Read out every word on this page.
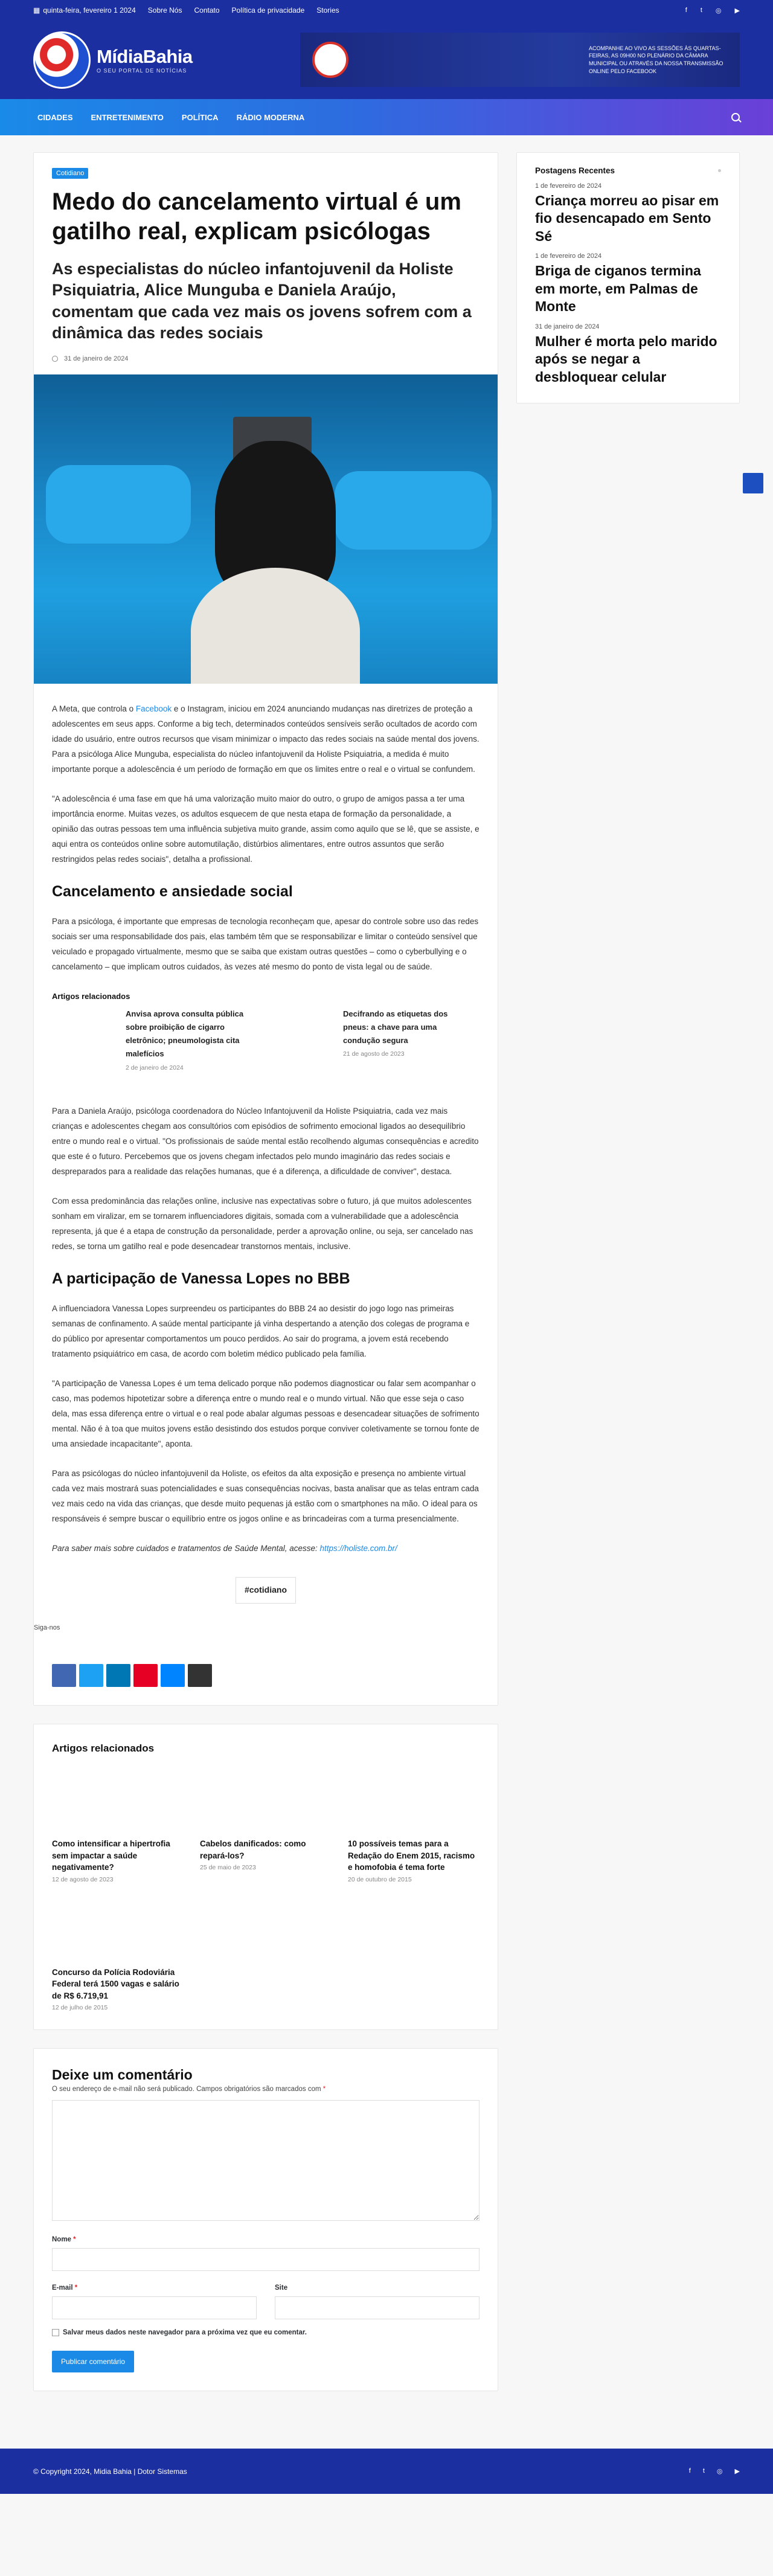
▦ quinta-feira, fevereiro 1 2024 Sobre Nós Contato Política de privacidade Stories	f t ◎ ▶
MídiaBahia
O SEU PORTAL DE NOTÍCIAS
ACOMPANHE AO VIVO AS SESSÕES ÀS QUARTAS-FEIRAS, AS 09H00 NO PLENÁRIO DA CÂMARA MUNICIPAL OU ATRAVÉS DA NOSSA TRANSMISSÃO ONLINE PELO FACEBOOK
CIDADES ENTRETENIMENTO POLÍTICA RÁDIO MODERNA
Cotidiano
Medo do cancelamento virtual é um gatilho real, explicam psicólogas
As especialistas do núcleo infantojuvenil da Holiste Psiquiatria, Alice Munguba e Daniela Araújo, comentam que cada vez mais os jovens sofrem com a dinâmica das redes sociais
31 de janeiro de 2024

A Meta, que controla o Facebook e o Instagram, iniciou em 2024 anunciando mudanças nas diretrizes de proteção a adolescentes em seus apps. Conforme a big tech, determinados conteúdos sensíveis serão ocultados de acordo com idade do usuário, entre outros recursos que visam minimizar o impacto das redes sociais na saúde mental dos jovens. Para a psicóloga Alice Munguba, especialista do núcleo infantojuvenil da Holiste Psiquiatria, a medida é muito importante porque a adolescência é um período de formação em que os limites entre o real e o virtual se confundem.

"A adolescência é uma fase em que há uma valorização muito maior do outro, o grupo de amigos passa a ter uma importância enorme. Muitas vezes, os adultos esquecem de que nesta etapa de formação da personalidade, a opinião das outras pessoas tem uma influência subjetiva muito grande, assim como aquilo que se lê, que se assiste, e aqui entra os conteúdos online sobre automutilação, distúrbios alimentares, entre outros assuntos que serão restringidos pelas redes sociais", detalha a profissional.

Cancelamento e ansiedade social

Para a psicóloga, é importante que empresas de tecnologia reconheçam que, apesar do controle sobre uso das redes sociais ser uma responsabilidade dos pais, elas também têm que se responsabilizar e limitar o conteúdo sensível que veiculado e propagado virtualmente, mesmo que se saiba que existam outras questões – como o cyberbullying e o cancelamento – que implicam outros cuidados, às vezes até mesmo do ponto de vista legal ou de saúde.

Artigos relacionados
Anvisa aprova consulta pública sobre proibição de cigarro eletrônico; pneumologista cita malefícios
2 de janeiro de 2024
Decifrando as etiquetas dos pneus: a chave para uma condução segura
21 de agosto de 2023

Para a Daniela Araújo, psicóloga coordenadora do Núcleo Infantojuvenil da Holiste Psiquiatria, cada vez mais crianças e adolescentes chegam aos consultórios com episódios de sofrimento emocional ligados ao desequilíbrio entre o mundo real e o virtual. "Os profissionais de saúde mental estão recolhendo algumas consequências e acredito que este é o futuro. Percebemos que os jovens chegam infectados pelo mundo imaginário das redes sociais e despreparados para a realidade das relações humanas, que é a diferença, a dificuldade de conviver", destaca.

Com essa predominância das relações online, inclusive nas expectativas sobre o futuro, já que muitos adolescentes sonham em viralizar, em se tornarem influenciadores digitais, somada com a vulnerabilidade que a adolescência representa, já que é a etapa de construção da personalidade, perder a aprovação online, ou seja, ser cancelado nas redes, se torna um gatilho real e pode desencadear transtornos mentais, inclusive.

A participação de Vanessa Lopes no BBB

A influenciadora Vanessa Lopes surpreendeu os participantes do BBB 24 ao desistir do jogo logo nas primeiras semanas de confinamento. A saúde mental participante já vinha despertando a atenção dos colegas de programa e do público por apresentar comportamentos um pouco perdidos. Ao sair do programa, a jovem está recebendo tratamento psiquiátrico em casa, de acordo com boletim médico publicado pela família.

"A participação de Vanessa Lopes é um tema delicado porque não podemos diagnosticar ou falar sem acompanhar o caso, mas podemos hipotetizar sobre a diferença entre o mundo real e o mundo virtual. Não que esse seja o caso dela, mas essa diferença entre o virtual e o real pode abalar algumas pessoas e desencadear situações de sofrimento mental. Não é à toa que muitos jovens estão desistindo dos estudos porque conviver coletivamente se tornou fonte de uma ansiedade incapacitante", aponta.

Para as psicólogas do núcleo infantojuvenil da Holiste, os efeitos da alta exposição e presença no ambiente virtual cada vez mais mostrará suas potencialidades e suas consequências nocivas, basta analisar que as telas entram cada vez mais cedo na vida das crianças, que desde muito pequenas já estão com o smartphones na mão. O ideal para os responsáveis é sempre buscar o equilíbrio entre os jogos online e as brincadeiras com a turma presencialmente.

Para saber mais sobre cuidados e tratamentos de Saúde Mental, acesse: https://holiste.com.br/

#cotidiano
Siga-nos
Artigos relacionados
Como intensificar a hipertrofia sem impactar a saúde negativamente?
12 de agosto de 2023
Cabelos danificados: como repará-los?
25 de maio de 2023
10 possíveis temas para a Redação do Enem 2015, racismo e homofobia é tema forte
20 de outubro de 2015
Concurso da Polícia Rodoviária Federal terá 1500 vagas e salário de R$ 6.719,91
12 de julho de 2015
Deixe um comentário
O seu endereço de e-mail não será publicado. Campos obrigatórios são marcados com *
Nome *
E-mail *	Site
Salvar meus dados neste navegador para a próxima vez que eu comentar.
Publicar comentário
Postagens Recentes
1 de fevereiro de 2024
Criança morreu ao pisar em fio desencapado em Sento Sé
1 de fevereiro de 2024
Briga de ciganos termina em morte, em Palmas de Monte
31 de janeiro de 2024
Mulher é morta pelo marido após se negar a desbloquear celular
© Copyright 2024, Midia Bahia | Dotor Sistemas	f t ◎ ▶
